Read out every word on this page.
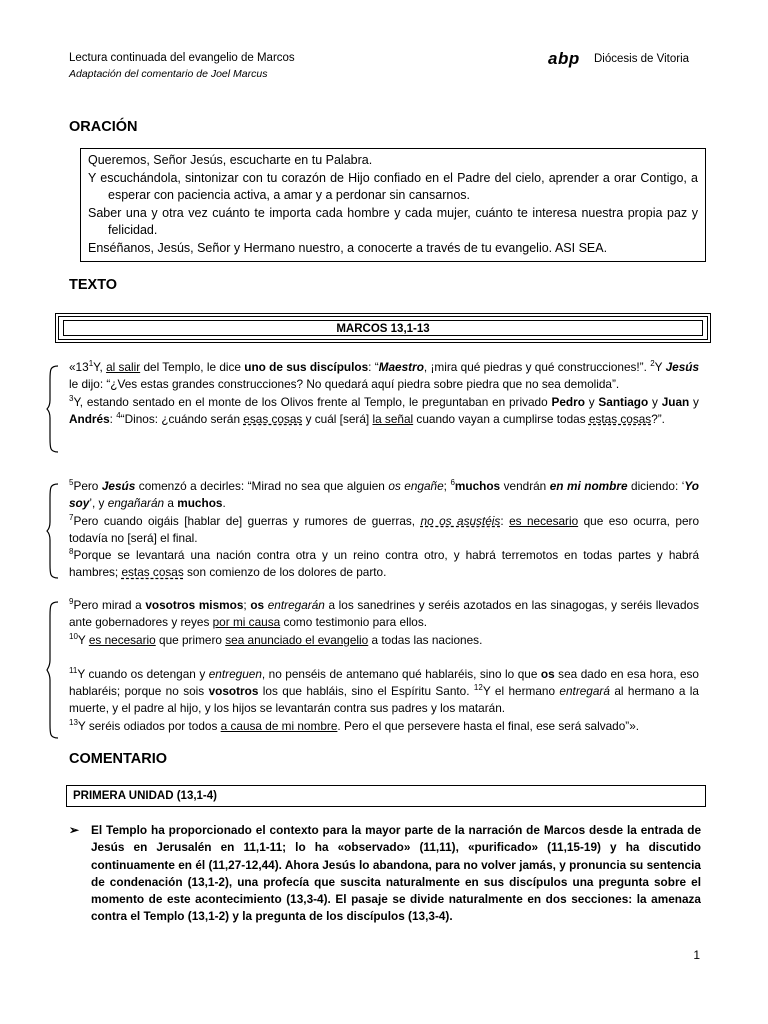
Lectura continuada del evangelio de Marcos
Adaptación del comentario de Joel Marcus
abp Diócesis de Vitoria
ORACIÓN

Queremos, Señor Jesús, escucharte en tu Palabra.

Y escuchándola, sintonizar con tu corazón de Hijo confiado en el Padre del cielo, aprender a orar Contigo, a esperar con paciencia activa, a amar y a perdonar sin cansarnos.

Saber una y otra vez cuánto te importa cada hombre y cada mujer, cuánto te interesa nuestra propia paz y felicidad.

Enséñanos, Jesús, Señor y Hermano nuestro, a conocerte a través de tu evangelio. ASI SEA.

TEXTO
MARCOS 13,1-13

«$13^1Y$, al salir del Templo, le dice uno de sus discípulos: “Maestro, ¡mira qué piedras y qué construcciones!”. $^2$Y Jesús le dijo: “¿Ves estas grandes construcciones? No quedará aquí piedra sobre piedra que no sea demolida”.

$^3$Y, estando sentado en el monte de los Olivos frente al Templo, le preguntaban en privado Pedro y Santiago y Juan y Andrés: $^4$“Dinos: ¿cuándo serán esas cosas y cuál [será] la señal cuando vayan a cumplirse todas estas cosas?”.

$^5$Pero Jesús comenzó a decirles: “Mirad no sea que alguien os engañe; $^6$muchos vendrán en mi nombre diciendo: ‘Yo soy’, y engañarán a muchos.

$^7$Pero cuando oigáis [hablar de] guerras y rumores de guerras, no os asustéis: es necesario que eso ocurra, pero todavía no [será] el final.

$^8$Porque se levantará una nación contra otra y un reino contra otro, y habrá terremotos en todas partes y habrá hambres; estas cosas son comienzo de los dolores de parto.

$^9$Pero mirad a vosotros mismos; os entregarán a los sanedrines y seréis azotados en las sinagogas, y seréis llevados ante gobernadores y reyes por mi causa como testimonio para ellos.

$^{10}$Y es necesario que primero sea anunciado el evangelio a todas las naciones.

$^{11}$Y cuando os detengan y entreguen, no penséis de antemano qué hablaréis, sino lo que os sea dado en esa hora, eso hablaréis; porque no sois vosotros los que habláis, sino el Espíritu Santo. $^{12}$Y el hermano entregará al hermano a la muerte, y el padre al hijo, y los hijos se levantarán contra sus padres y los matarán.

$^{13}$Y seréis odiados por todos a causa de mi nombre. Pero el que persevere hasta el final, ese será salvado”».

COMENTARIO
PRIMERA UNIDAD (13,1-4)
➢ El Templo ha proporcionado el contexto para la mayor parte de la narración de Marcos desde la entrada de Jesús en Jerusalén en 11,1-11; lo ha «observado» (11,11), «purificado» (11,15-19) y ha discutido continuamente en él (11,27-12,44). Ahora Jesús lo abandona, para no volver jamás, y pronuncia su sentencia de condenación (13,1-2), una profecía que suscita naturalmente en sus discípulos una pregunta sobre el momento de este acontecimiento (13,3-4). El pasaje se divide naturalmente en dos secciones: la amenaza contra el Templo (13,1-2) y la pregunta de los discípulos (13,3-4).
1
